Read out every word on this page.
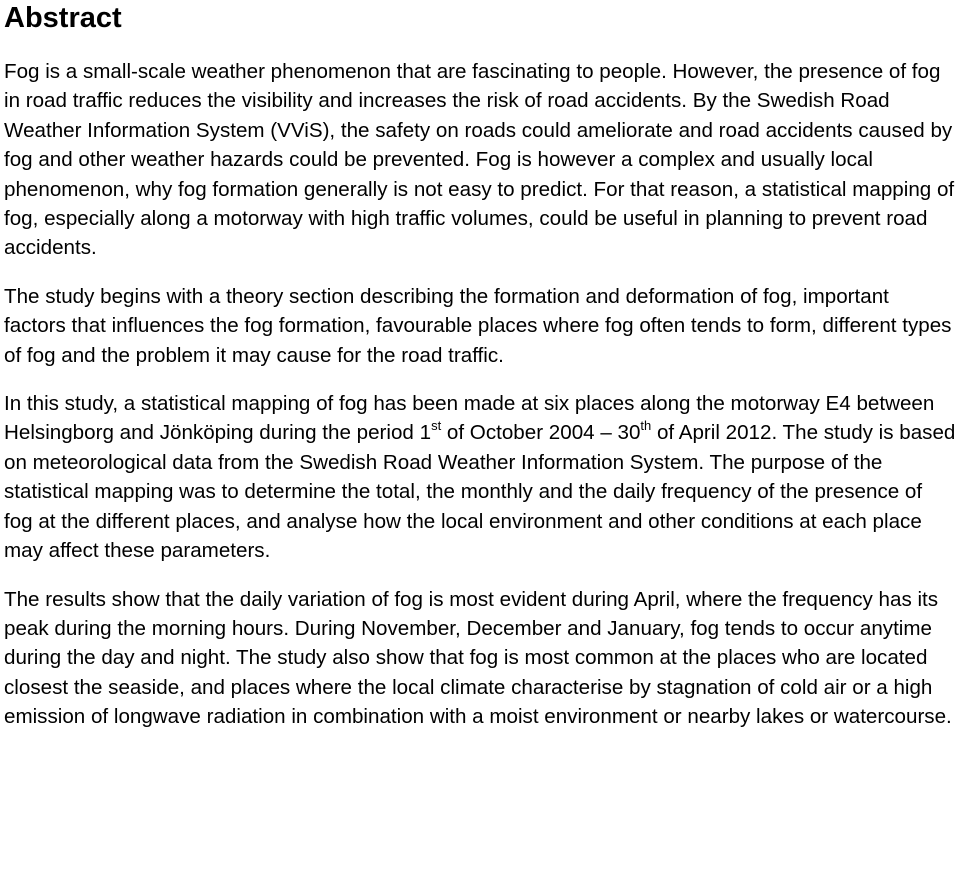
Abstract

Fog is a small-scale weather phenomenon that are fascinating to people. However, the presence of fog in road traffic reduces the visibility and increases the risk of road accidents. By the Swedish Road Weather Information System (VViS), the safety on roads could ameliorate and road accidents caused by fog and other weather hazards could be prevented. Fog is however a complex and usually local phenomenon, why fog formation generally is not easy to predict. For that reason, a statistical mapping of fog, especially along a motorway with high traffic volumes, could be useful in planning to prevent road accidents.

The study begins with a theory section describing the formation and deformation of fog, important factors that influences the fog formation, favourable places where fog often tends to form, different types of fog and the problem it may cause for the road traffic.

In this study, a statistical mapping of fog has been made at six places along the motorway E4 between Helsingborg and Jönköping during the period 1st of October 2004 – 30th of April 2012. The study is based on meteorological data from the Swedish Road Weather Information System. The purpose of the statistical mapping was to determine the total, the monthly and the daily frequency of the presence of fog at the different places, and analyse how the local environment and other conditions at each place may affect these parameters.

The results show that the daily variation of fog is most evident during April, where the frequency has its peak during the morning hours. During November, December and January, fog tends to occur anytime during the day and night. The study also show that fog is most common at the places who are located closest the seaside, and places where the local climate characterise by stagnation of cold air or a high emission of longwave radiation in combination with a moist environment or nearby lakes or watercourse.
